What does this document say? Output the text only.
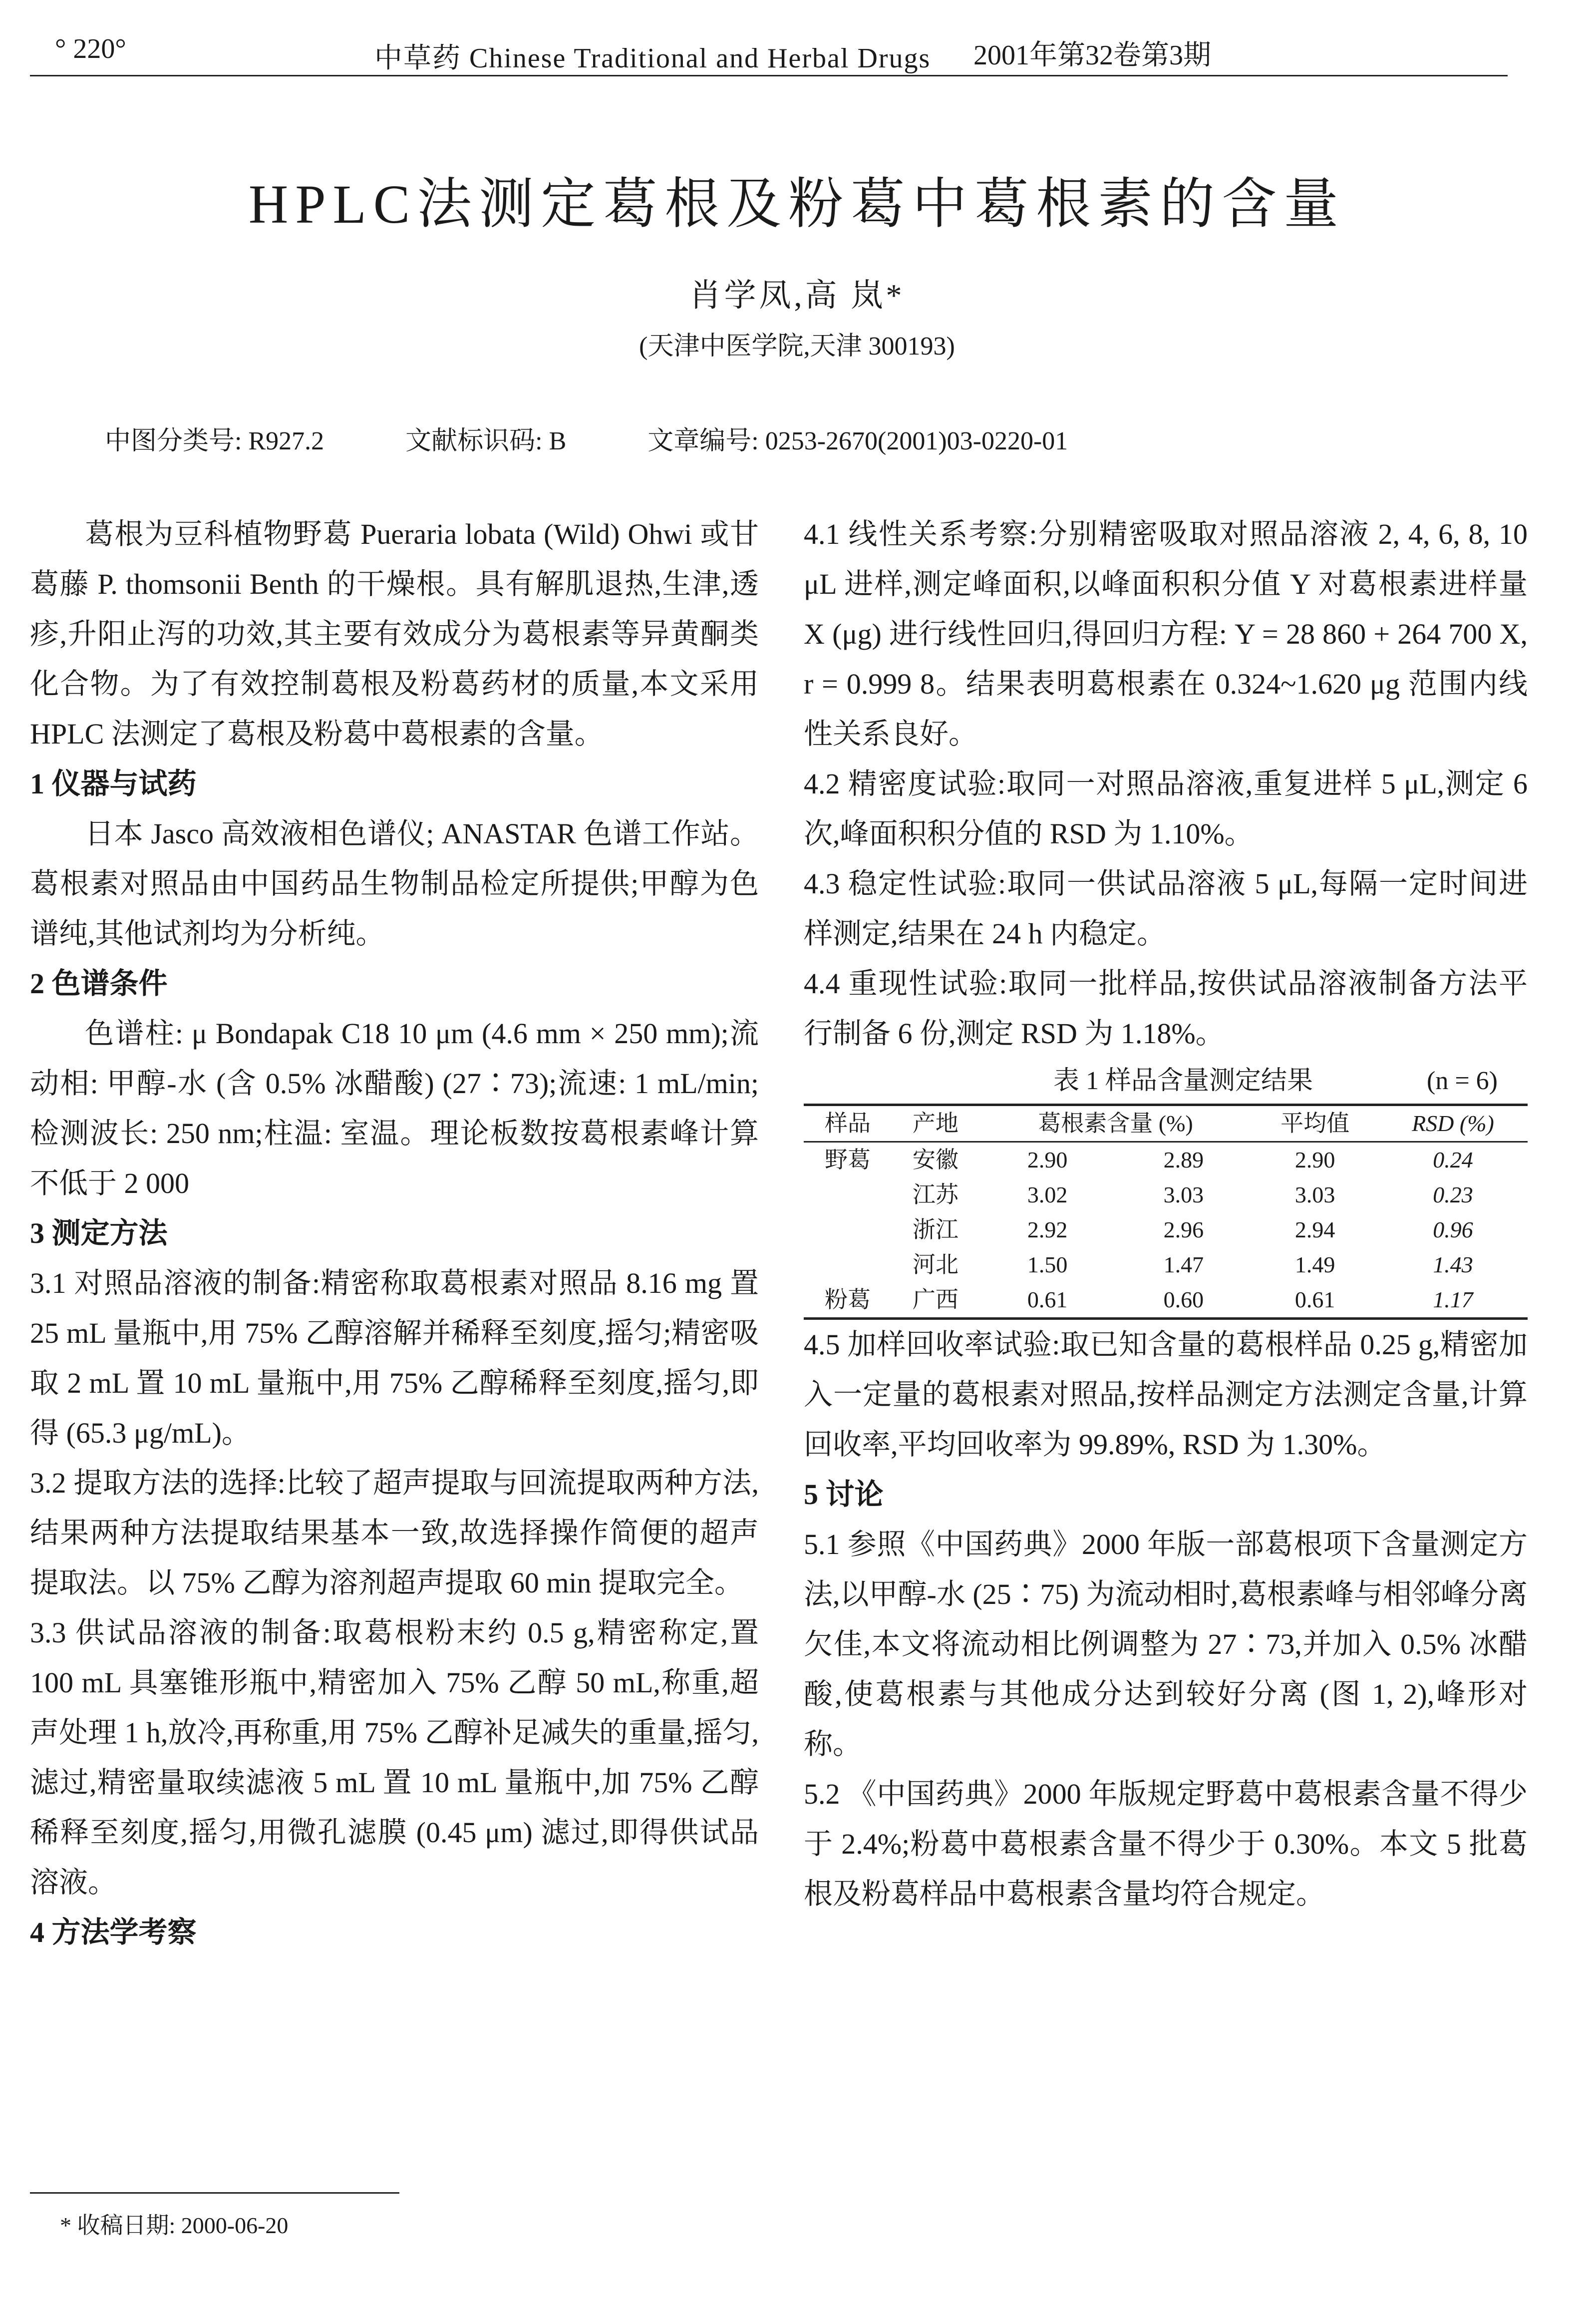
° 220°	中草药 Chinese Traditional and Herbal Drugs 2001年第32卷第3期
HPLC法测定葛根及粉葛中葛根素的含量
肖学凤,高 岚*
(天津中医学院,天津 300193)
中图分类号: R927.2	文献标识码: B	文章编号: 0253-2670(2001)03-0220-01

葛根为豆科植物野葛 Pueraria lobata (Wild) Ohwi 或甘葛藤 P. thomsonii Benth 的干燥根。具有解肌退热,生津,透疹,升阳止泻的功效,其主要有效成分为葛根素等异黄酮类化合物。为了有效控制葛根及粉葛药材的质量,本文采用 HPLC 法测定了葛根及粉葛中葛根素的含量。

1 仪器与试药

日本 Jasco 高效液相色谱仪; ANASTAR 色谱工作站。葛根素对照品由中国药品生物制品检定所提供;甲醇为色谱纯,其他试剂均为分析纯。

2 色谱条件

色谱柱: μ Bondapak C18 10 μm (4.6 mm × 250 mm);流动相: 甲醇-水 (含 0.5% 冰醋酸) (27∶73);流速: 1 mL/min;检测波长: 250 nm;柱温: 室温。理论板数按葛根素峰计算不低于 2 000

3 测定方法

3.1 对照品溶液的制备:精密称取葛根素对照品 8.16 mg 置 25 mL 量瓶中,用 75% 乙醇溶解并稀释至刻度,摇匀;精密吸取 2 mL 置 10 mL 量瓶中,用 75% 乙醇稀释至刻度,摇匀,即得 (65.3 μg/mL)。

3.2 提取方法的选择:比较了超声提取与回流提取两种方法,结果两种方法提取结果基本一致,故选择操作简便的超声提取法。以 75% 乙醇为溶剂超声提取 60 min 提取完全。

3.3 供试品溶液的制备:取葛根粉末约 0.5 g,精密称定,置 100 mL 具塞锥形瓶中,精密加入 75% 乙醇 50 mL,称重,超声处理 1 h,放冷,再称重,用 75% 乙醇补足减失的重量,摇匀,滤过,精密量取续滤液 5 mL 置 10 mL 量瓶中,加 75% 乙醇稀释至刻度,摇匀,用微孔滤膜 (0.45 μm) 滤过,即得供试品溶液。

4 方法学考察

4.1 线性关系考察:分别精密吸取对照品溶液 2, 4, 6, 8, 10 μL 进样,测定峰面积,以峰面积积分值 Y 对葛根素进样量 X (μg) 进行线性回归,得回归方程: Y = 28 860 + 264 700 X, r = 0.999 8。结果表明葛根素在 0.324~1.620 μg 范围内线性关系良好。

4.2 精密度试验:取同一对照品溶液,重复进样 5 μL,测定 6 次,峰面积积分值的 RSD 为 1.10%。

4.3 稳定性试验:取同一供试品溶液 5 μL,每隔一定时间进样测定,结果在 24 h 内稳定。

4.4 重现性试验:取同一批样品,按供试品溶液制备方法平行制备 6 份,测定 RSD 为 1.18%。

表 1 样品含量测定结果	(n = 6)
样品	产地	葛根素含量 (%)		平均值	RSD (%)
野葛	安徽	2.90	2.89	2.90	0.24
	江苏	3.02	3.03	3.03	0.23
	浙江	2.92	2.96	2.94	0.96
	河北	1.50	1.47	1.49	1.43
粉葛	广西	0.61	0.60	0.61	1.17

4.5 加样回收率试验:取已知含量的葛根样品 0.25 g,精密加入一定量的葛根素对照品,按样品测定方法测定含量,计算回收率,平均回收率为 99.89%, RSD 为 1.30%。

5 讨论

5.1 参照《中国药典》2000 年版一部葛根项下含量测定方法,以甲醇-水 (25∶75) 为流动相时,葛根素峰与相邻峰分离欠佳,本文将流动相比例调整为 27∶73,并加入 0.5% 冰醋酸,使葛根素与其他成分达到较好分离 (图 1, 2),峰形对称。

5.2 《中国药典》2000 年版规定野葛中葛根素含量不得少于 2.4%;粉葛中葛根素含量不得少于 0.30%。本文 5 批葛根及粉葛样品中葛根素含量均符合规定。

* 收稿日期: 2000-06-20
